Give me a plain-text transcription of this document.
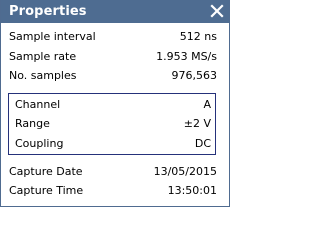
Properties
Sample interval	512 ns
Sample rate	1.953 MS/s
No. samples	976,563
Channel	A
Range	±2 V
Coupling	DC
Capture Date	13/05/2015
Capture Time	13:50:01
